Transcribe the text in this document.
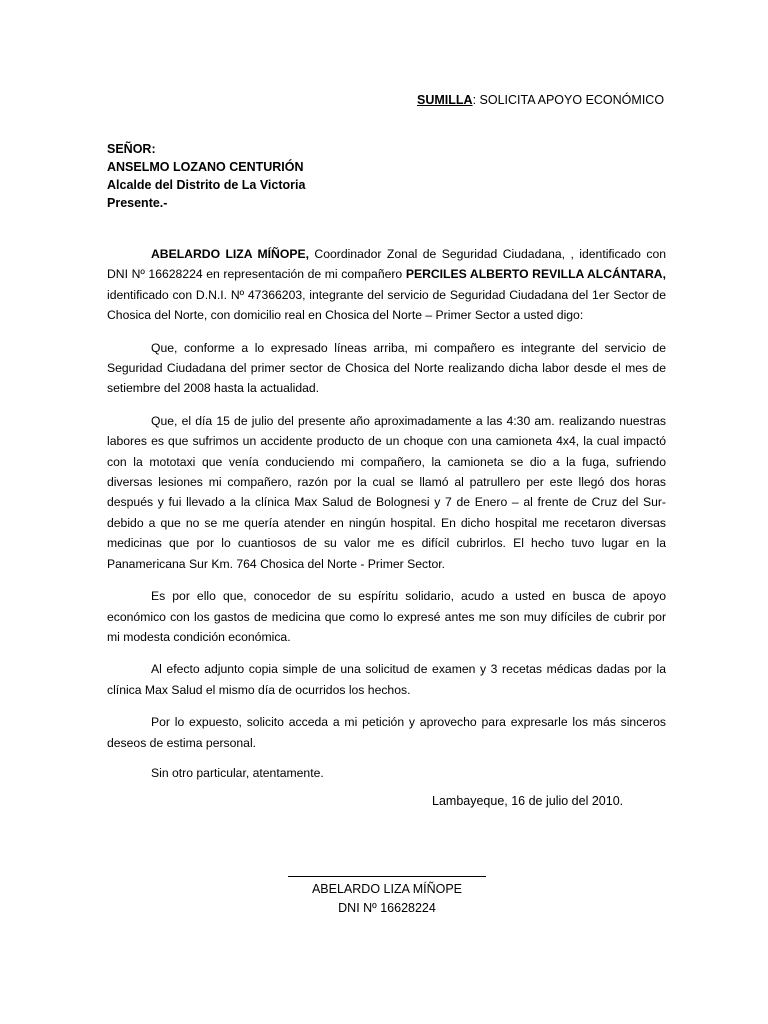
SUMILLA: SOLICITA APOYO ECONÓMICO
SEÑOR:
ANSELMO LOZANO CENTURIÓN
Alcalde del Distrito de La Victoria
Presente.-

ABELARDO LIZA MÍÑOPE, Coordinador Zonal de Seguridad Ciudadana, , identificado con DNI Nº 16628224 en representación de mi compañero PERCILES ALBERTO REVILLA ALCÁNTARA, identificado con D.N.I. Nº 47366203, integrante del servicio de Seguridad Ciudadana del 1er Sector de Chosica del Norte, con domicilio real en Chosica del Norte – Primer Sector a usted digo:

Que, conforme a lo expresado líneas arriba, mi compañero es integrante del servicio de Seguridad Ciudadana del primer sector de Chosica del Norte realizando dicha labor desde el mes de setiembre del 2008 hasta la actualidad.

Que, el día 15 de julio del presente año aproximadamente a las 4:30 am. realizando nuestras labores es que sufrimos un accidente producto de un choque con una camioneta 4x4, la cual impactó con la mototaxi que venía conduciendo mi compañero, la camioneta se dio a la fuga, sufriendo diversas lesiones mi compañero, razón por la cual se llamó al patrullero per este llegó dos horas después y fui llevado a la clínica Max Salud de Bolognesi y 7 de Enero – al frente de Cruz del Sur- debido a que no se me quería atender en ningún hospital. En dicho hospital me recetaron diversas medicinas que por lo cuantiosos de su valor me es difícil cubrirlos. El hecho tuvo lugar en la Panamericana Sur Km. 764 Chosica del Norte - Primer Sector.

Es por ello que, conocedor de su espíritu solidario, acudo a usted en busca de apoyo económico con los gastos de medicina que como lo expresé antes me son muy difíciles de cubrir por mi modesta condición económica.

Al efecto adjunto copia simple de una solicitud de examen y 3 recetas médicas dadas por la clínica Max Salud el mismo día de ocurridos los hechos.

Por lo expuesto, solicito acceda a mi petición y aprovecho para expresarle los más sinceros deseos de estima personal.

Sin otro particular, atentamente.

Lambayeque, 16 de julio del 2010.
ABELARDO LIZA MÍÑOPE
DNI Nº 16628224
